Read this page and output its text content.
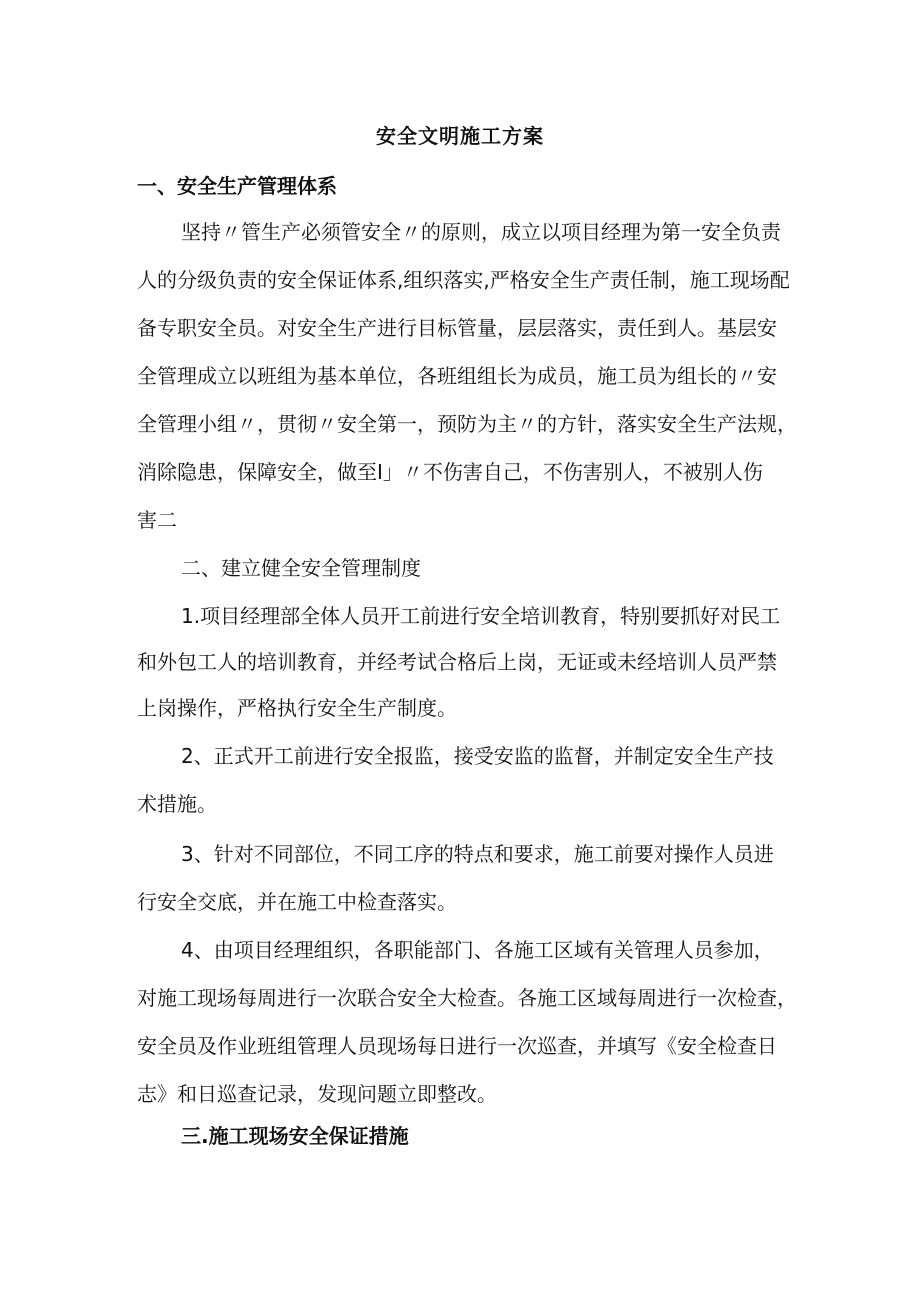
安全文明施工方案
一、安全生产管理体系
坚持〃管生产必须管安全〃的原则，成立以项目经理为第一安全负责
人的分级负责的安全保证体系,组织落实,严格安全生产责任制，施工现场配
备专职安全员。对安全生产进行目标管量，层层落实，责任到人。基层安
全管理成立以班组为基本单位，各班组组长为成员，施工员为组长的〃安
全管理小组〃，贯彻〃安全第一，预防为主〃的方针，落实安全生产法规，
消除隐患，保障安全，做至I」〃不伤害自己，不伤害别人，不被别人伤
害二
二、建立健全安全管理制度
1.项目经理部全体人员开工前进行安全培训教育，特别要抓好对民工
和外包工人的培训教育，并经考试合格后上岗，无证或未经培训人员严禁
上岗操作，严格执行安全生产制度。
2、正式开工前进行安全报监，接受安监的监督，并制定安全生产技
术措施。
3、针对不同部位，不同工序的特点和要求，施工前要对操作人员进
行安全交底，并在施工中检查落实。
4、由项目经理组织，各职能部门、各施工区域有关管理人员参加，
对施工现场每周进行一次联合安全大检查。各施工区域每周进行一次检查，
安全员及作业班组管理人员现场每日进行一次巡查，并填写《安全检查日
志》和日巡查记录，发现问题立即整改。
三.施工现场安全保证措施
